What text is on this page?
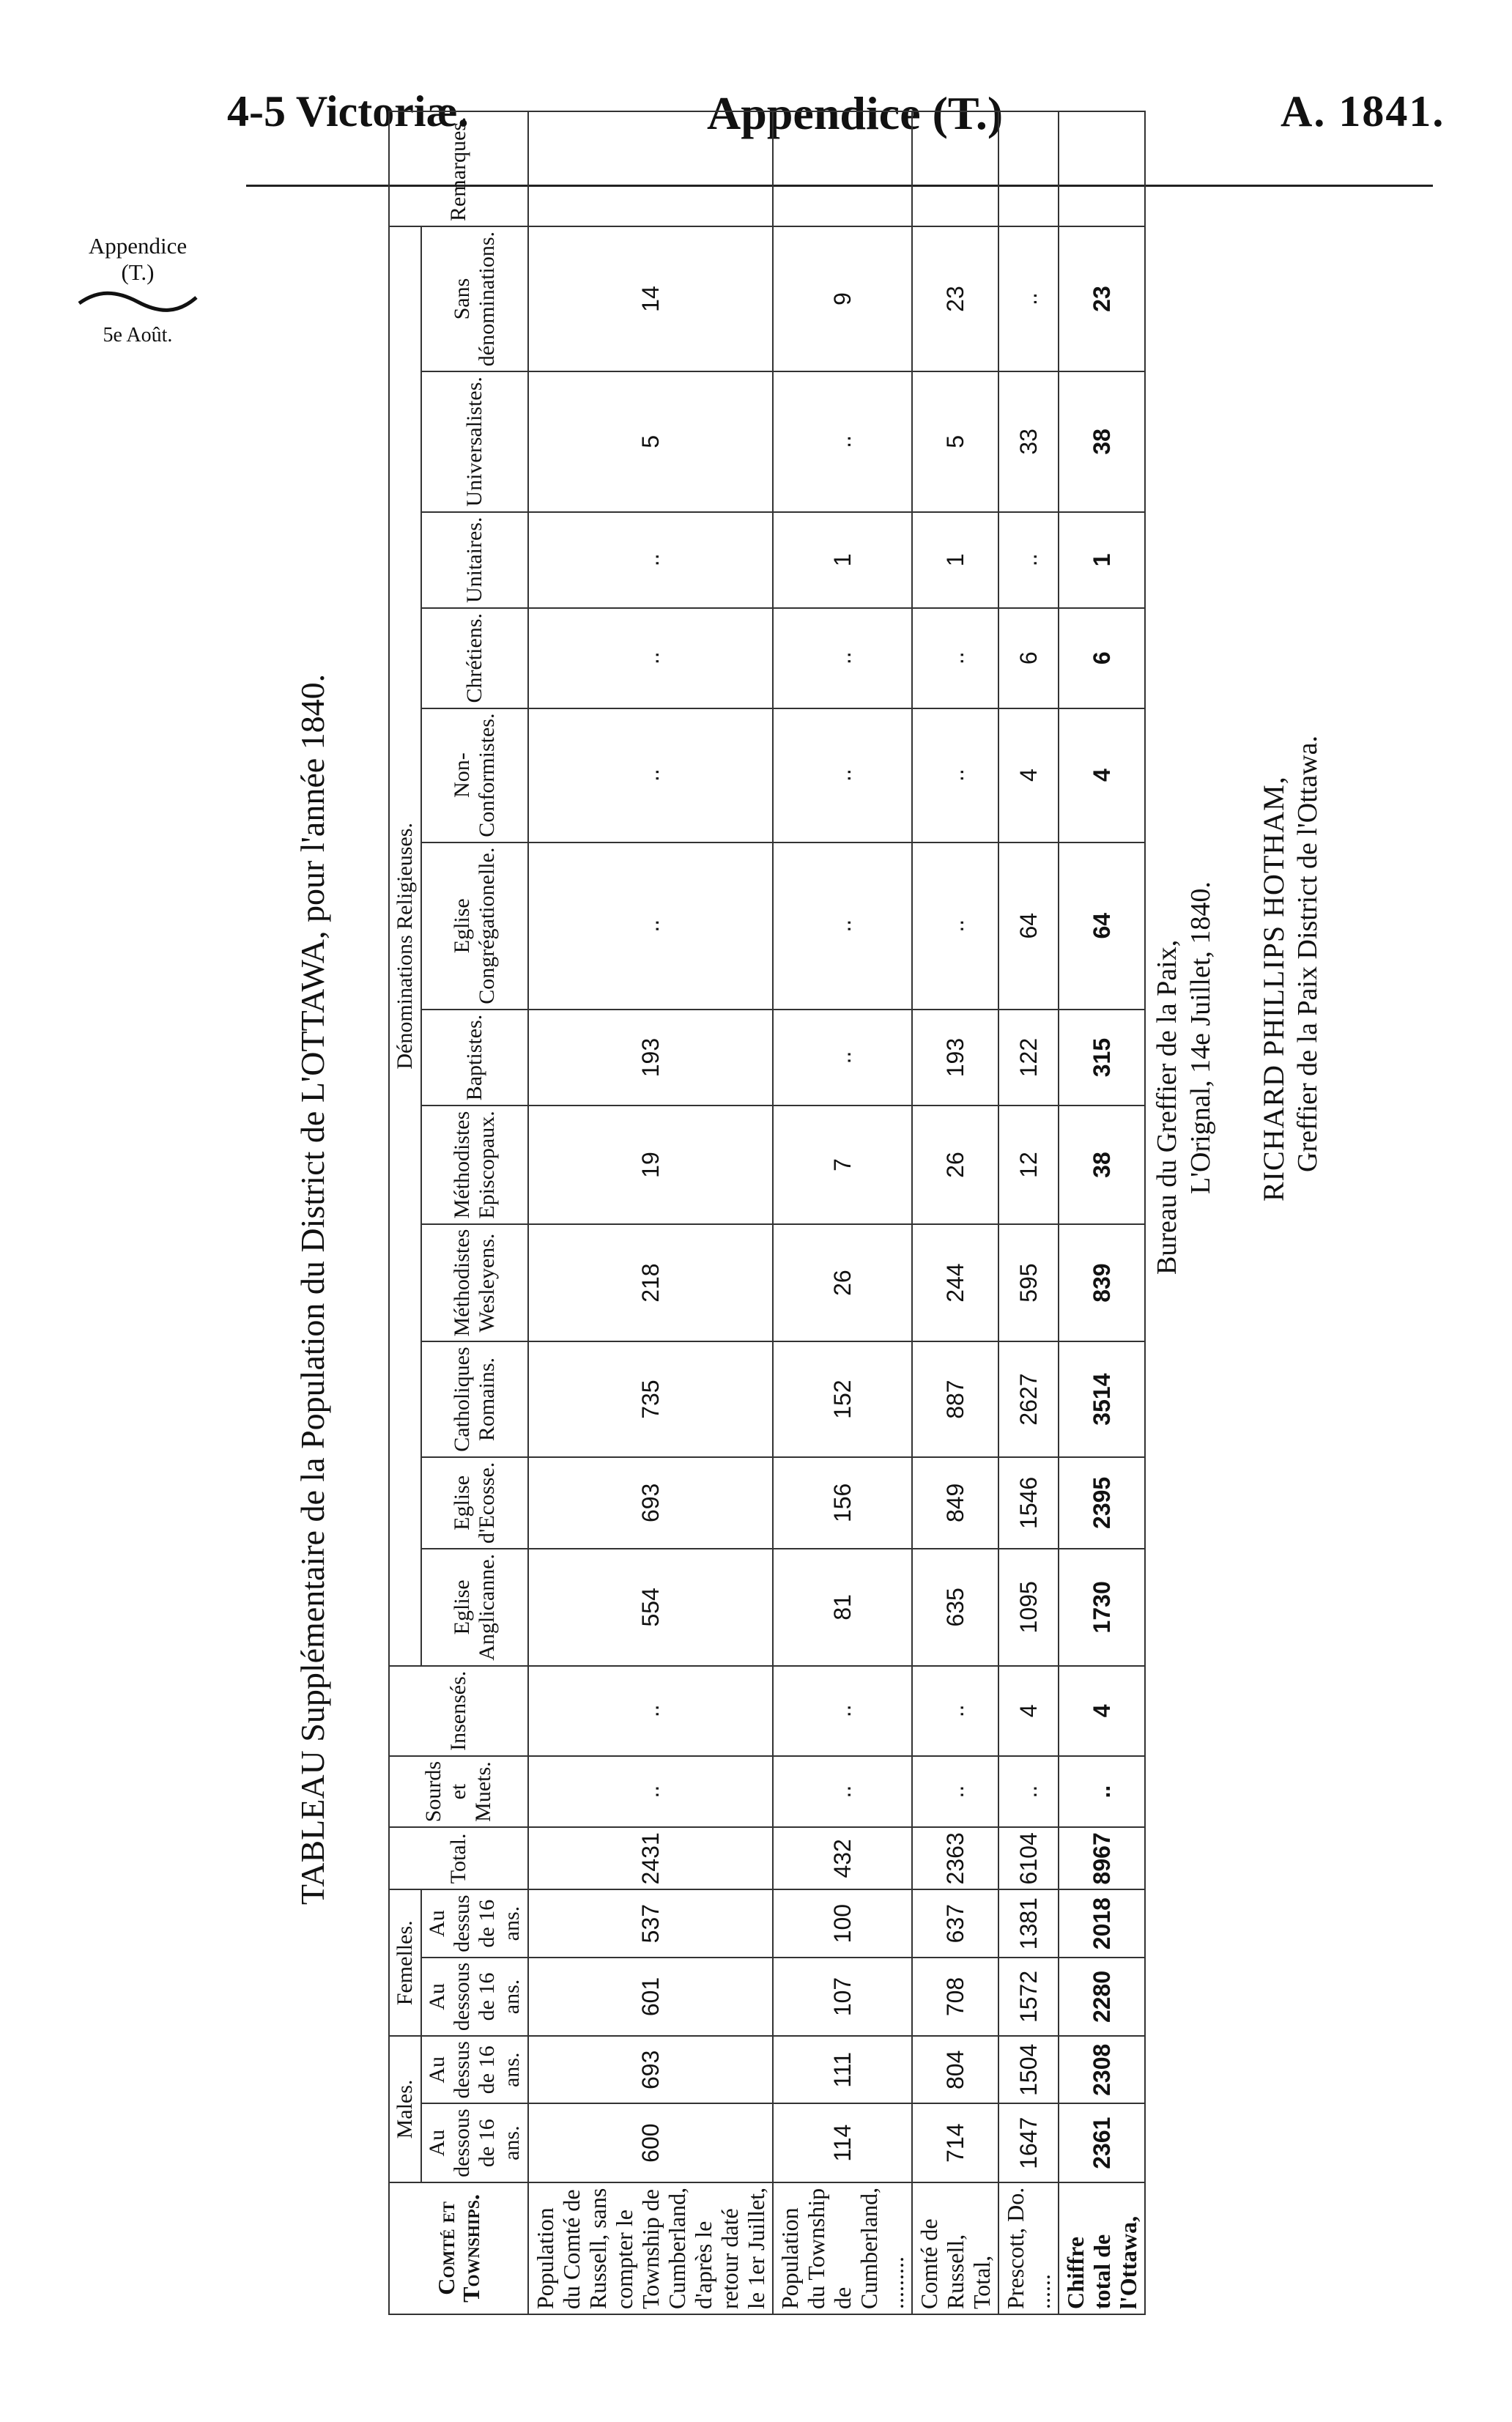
4-5 Victoriæ.	Appendice (T.)	A. 1841.
Appendice
(T.)
5e Août.
TABLEAU Supplémentaire de la Population du District de L'OTTAWA, pour l'année 1840.
Comté et Townships.	Males.		Femelles.		Total.	Sourds et Muets.	Insensés.	Dénominations Religieuses.												Remarques.
	Au dessous de 16 ans.	Au dessus de 16 ans.	Au dessous de 16 ans.	Au dessus de 16 ans.				Eglise Anglicanne.	Eglise d'Ecosse.	Catholiques Romains.	Méthodistes Wesleyens.	Méthodistes Episcopaux.	Baptistes.	Eglise Congrégationelle.	Non-Conformistes.	Chrétiens.	Unitaires.	Universalistes.	Sans dénominations.	
Population du Comté de Russell, sans compter le Township de Cumberland, d'après le retour daté le 1er Juillet,	600	693	601	537	2431	..	..	554	693	735	218	19	193	..	..	..	..	5	14	
Population du Township de Cumberland, .........	114	111	107	100	432	..	..	81	156	152	26	7	..	..	..	..	1	..	9	
Comté de Russell, Total,	714	804	708	637	2363	..	..	635	849	887	244	26	193	..	..	..	1	5	23	
Prescott, Do. ......	1647	1504	1572	1381	6104	..	4	1095	1546	2627	595	12	122	64	4	6	..	33	..	
Chiffre total de l'Ottawa,	2361	2308	2280	2018	8967	..	4	1730	2395	3514	839	38	315	64	4	6	1	38	23	
Bureau du Greffier de la Paix, L'Orignal, 14e Juillet, 1840. RICHARD PHILLIPS HOTHAM, Greffier de la Paix District de l'Ottawa.
